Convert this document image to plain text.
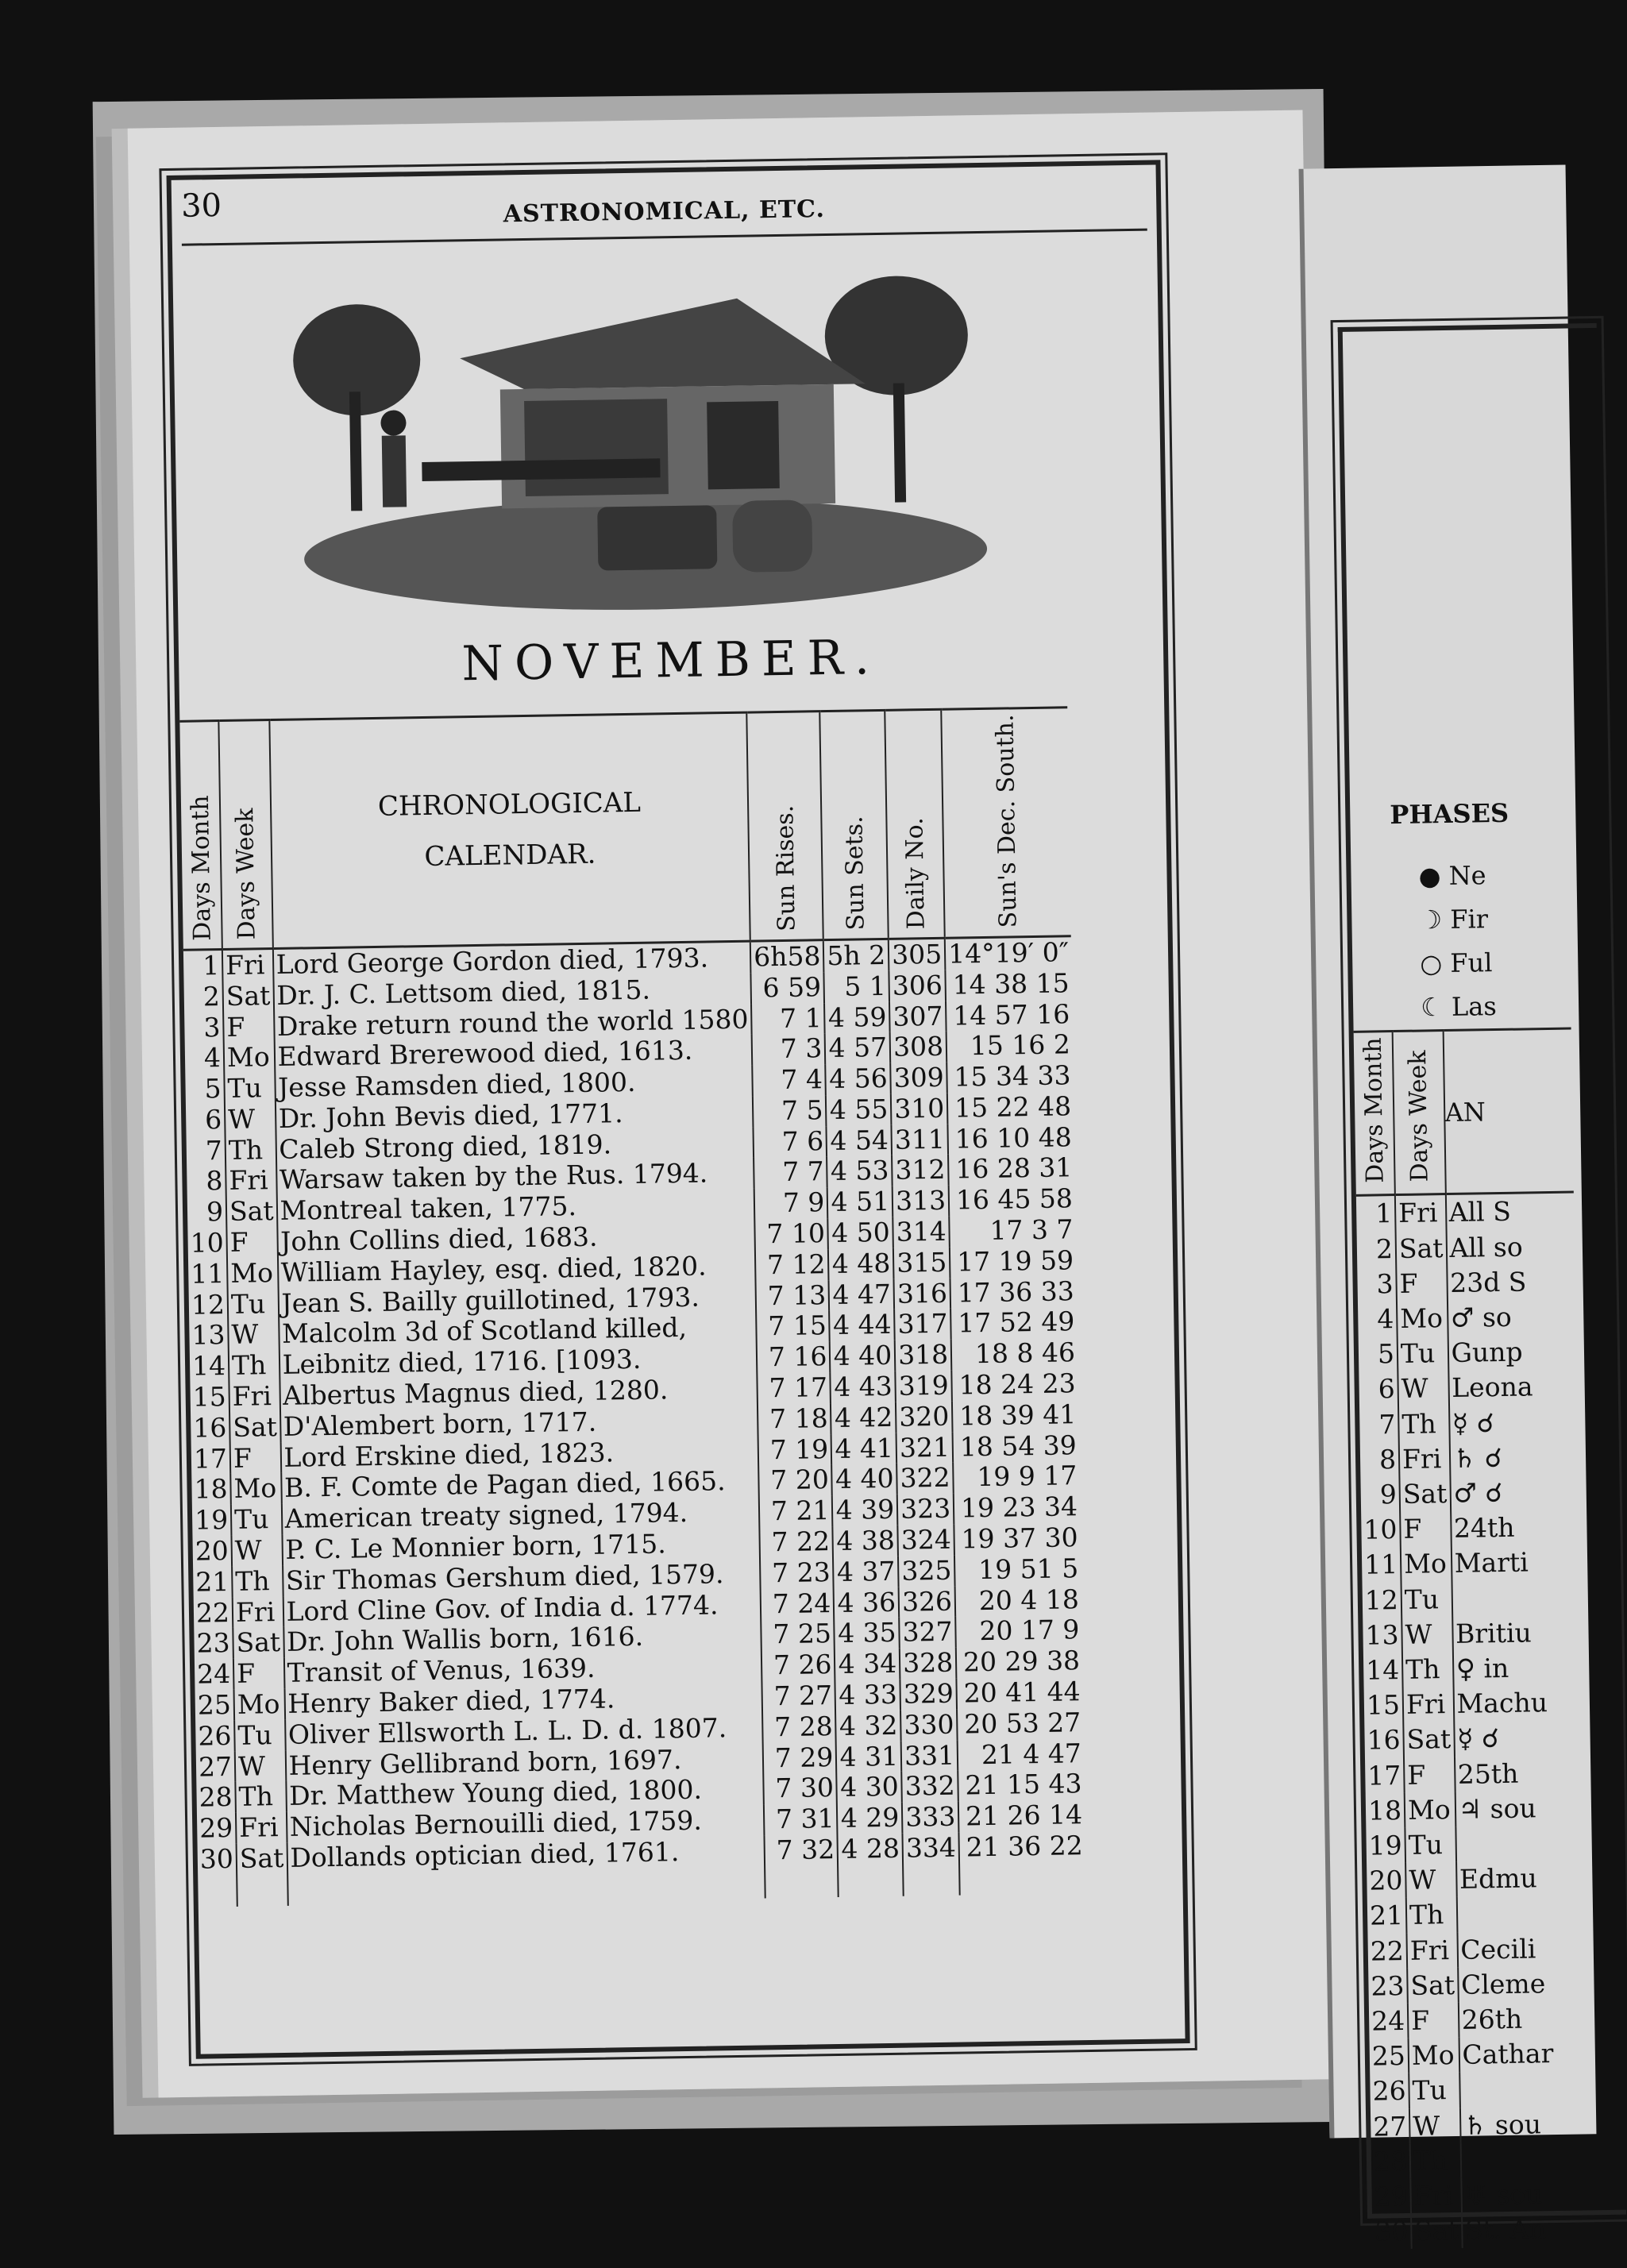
30	ASTRONOMICAL, ETC.
NOVEMBER.
Days Month	Days Week	CHRONOLOGICAL
CALENDAR.	Sun Rises.	Sun Sets.	Daily No.	Sun's Dec. South.
1	Fri	Lord George Gordon died, 1793.	6h58	5h 2	305	14°19′ 0″
2	Sat	Dr. J. C. Lettsom died, 1815.	6 59	5 1	306	14 38 15
3	F	Drake return round the world 1580	7 1	4 59	307	14 57 16
4	Mo	Edward Brerewood died, 1613.	7 3	4 57	308	15 16 2
5	Tu	Jesse Ramsden died, 1800.	7 4	4 56	309	15 34 33
6	W	Dr. John Bevis died, 1771.	7 5	4 55	310	15 22 48
7	Th	Caleb Strong died, 1819.	7 6	4 54	311	16 10 48
8	Fri	Warsaw taken by the Rus. 1794.	7 7	4 53	312	16 28 31
9	Sat	Montreal taken, 1775.	7 9	4 51	313	16 45 58
10	F	John Collins died, 1683.	7 10	4 50	314	17 3 7
11	Mo	William Hayley, esq. died, 1820.	7 12	4 48	315	17 19 59
12	Tu	Jean S. Bailly guillotined, 1793.	7 13	4 47	316	17 36 33
13	W	Malcolm 3d of Scotland killed,	7 15	4 44	317	17 52 49
14	Th	Leibnitz died, 1716. [1093.	7 16	4 40	318	18 8 46
15	Fri	Albertus Magnus died, 1280.	7 17	4 43	319	18 24 23
16	Sat	D'Alembert born, 1717.	7 18	4 42	320	18 39 41
17	F	Lord Erskine died, 1823.	7 19	4 41	321	18 54 39
18	Mo	B. F. Comte de Pagan died, 1665.	7 20	4 40	322	19 9 17
19	Tu	American treaty signed, 1794.	7 21	4 39	323	19 23 34
20	W	P. C. Le Monnier born, 1715.	7 22	4 38	324	19 37 30
21	Th	Sir Thomas Gershum died, 1579.	7 23	4 37	325	19 51 5
22	Fri	Lord Cline Gov. of India d. 1774.	7 24	4 36	326	20 4 18
23	Sat	Dr. John Wallis born, 1616.	7 25	4 35	327	20 17 9
24	F	Transit of Venus, 1639.	7 26	4 34	328	20 29 38
25	Mo	Henry Baker died, 1774.	7 27	4 33	329	20 41 44
26	Tu	Oliver Ellsworth L. L. D. d. 1807.	7 28	4 32	330	20 53 27
27	W	Henry Gellibrand born, 1697.	7 29	4 31	331	21 4 47
28	Th	Dr. Matthew Young died, 1800.	7 30	4 30	332	21 15 43
29	Fri	Nicholas Bernouilli died, 1759.	7 31	4 29	333	21 26 14
30	Sat	Dollands optician died, 1761.	7 32	4 28	334	21 36 22
PHASES
● Ne
☽ Fir
○ Ful
☾ Las
Days Month	Days Week	AN
1	Fri	All S
2	Sat	All so
3	F	23d S
4	Mo	♂ so
5	Tu	Gunp
6	W	Leona
7	Th	☿ ☌
8	Fri	♄ ☌
9	Sat	♂ ☌
10	F	24th
11	Mo	Marti
12	Tu	
13	W	Britiu
14	Th	♀ in
15	Fri	Machu
16	Sat	☿ ☌
17	F	25th
18	Mo	♃ sou
19	Tu	
20	W	Edmu
21	Th	
22	Fri	Cecili
23	Sat	Cleme
24	F	26th
25	Mo	Cathar
26	Tu	
27	W	♄ sou
28	Th	
29	Fri	♅ sou
30	Sat	St. An
